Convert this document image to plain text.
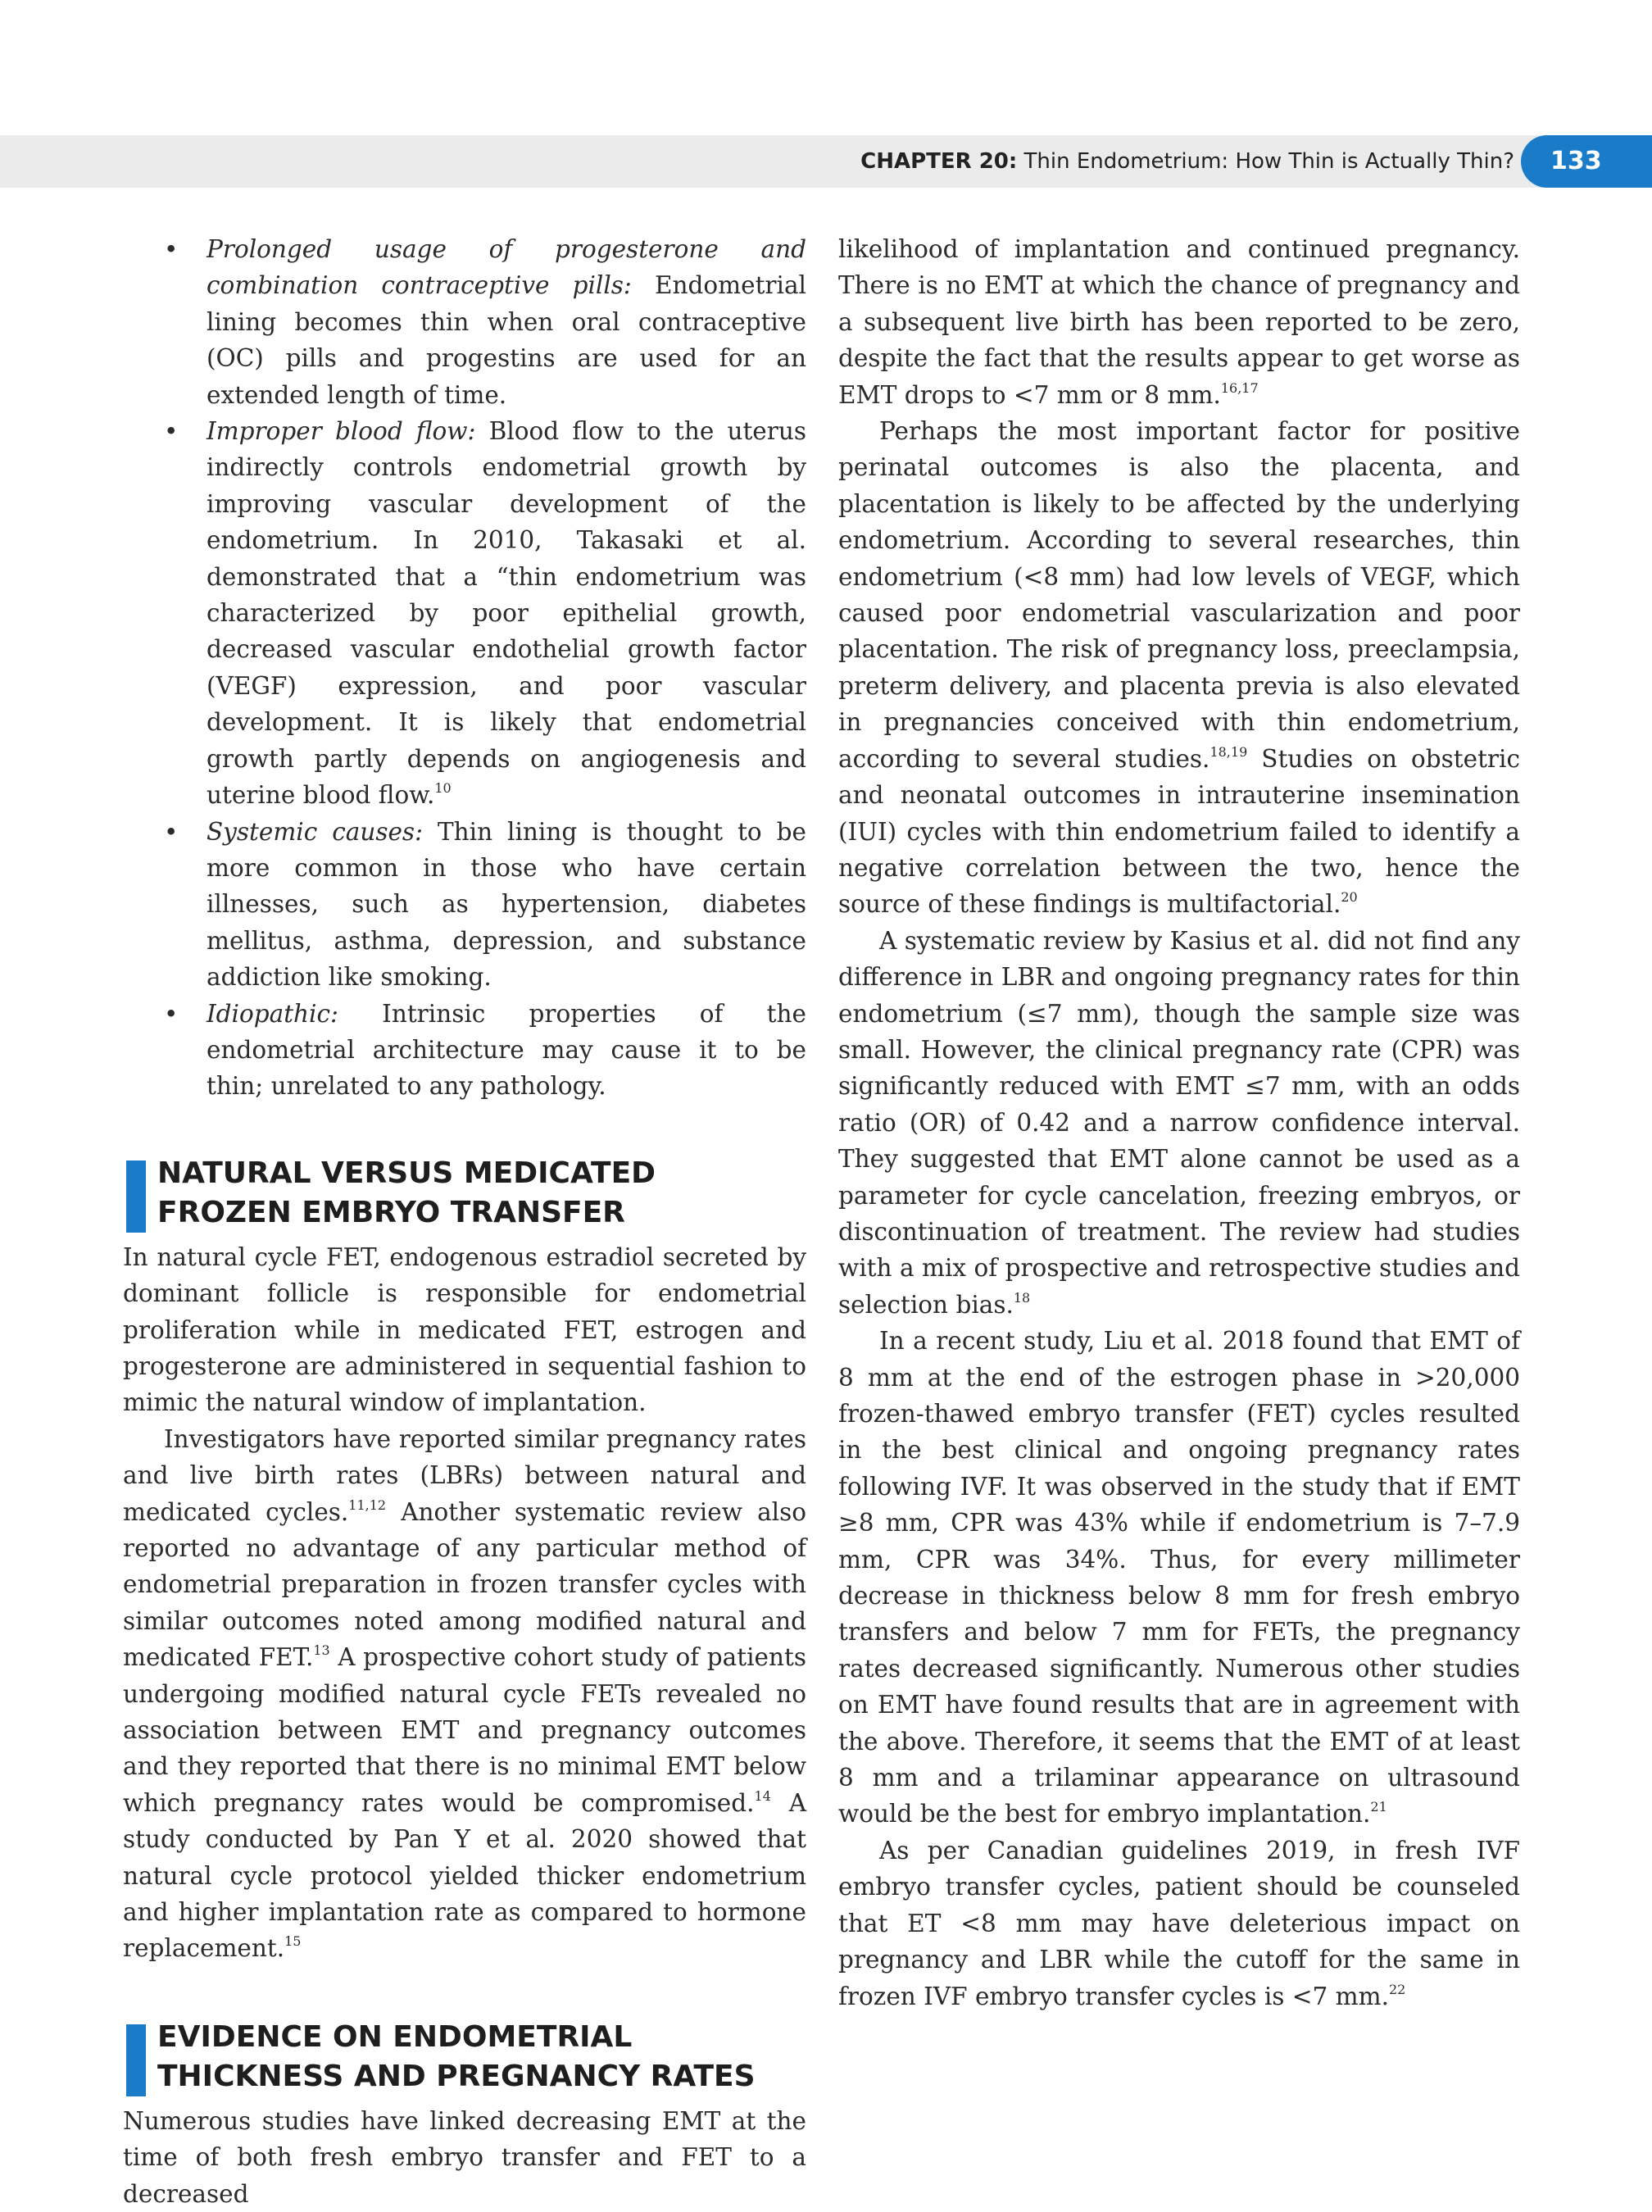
CHAPTER 20: Thin Endometrium: How Thin is Actually Thin?	133
• Prolonged usage of progesterone and combination contraceptive pills: Endometrial lining becomes thin when oral contraceptive (OC) pills and progestins are used for an extended length of time.
• Improper blood flow: Blood flow to the uterus indirectly controls endometrial growth by improving vascular development of the endometrium. In 2010, Takasaki et al. demonstrated that a “thin endometrium was characterized by poor epithelial growth, decreased vascular endothelial growth factor (VEGF) expression, and poor vascular development. It is likely that endometrial growth partly depends on angiogenesis and uterine blood flow.$^{10}$
• Systemic causes: Thin lining is thought to be more common in those who have certain illnesses, such as hypertension, diabetes mellitus, asthma, depression, and substance addiction like smoking.
• Idiopathic: Intrinsic properties of the endometrial architecture may cause it to be thin; unrelated to any pathology.
NATURAL VERSUS MEDICATED
FROZEN EMBRYO TRANSFER

In natural cycle FET, endogenous estradiol secreted by dominant follicle is responsible for endometrial proliferation while in medicated FET, estrogen and progesterone are administered in sequential fashion to mimic the natural window of implantation.

Investigators have reported similar pregnancy rates and live birth rates (LBRs) between natural and medicated cycles.$^{11,12}$ Another systematic review also reported no advantage of any particular method of endometrial preparation in frozen transfer cycles with similar outcomes noted among modified natural and medicated FET.$^{13}$ A prospective cohort study of patients undergoing modified natural cycle FETs revealed no association between EMT and pregnancy outcomes and they reported that there is no minimal EMT below which pregnancy rates would be compromised.$^{14}$ A study conducted by Pan Y et al. 2020 showed that natural cycle protocol yielded thicker endometrium and higher implantation rate as compared to hormone replacement.$^{15}$

EVIDENCE ON ENDOMETRIAL
THICKNESS AND PREGNANCY RATES

Numerous studies have linked decreasing EMT at the time of both fresh embryo transfer and FET to a decreased

likelihood of implantation and continued pregnancy. There is no EMT at which the chance of pregnancy and a subsequent live birth has been reported to be zero, despite the fact that the results appear to get worse as EMT drops to <7 mm or 8 mm.$^{16,17}$

Perhaps the most important factor for positive perinatal outcomes is also the placenta, and placentation is likely to be affected by the underlying endometrium. According to several researches, thin endometrium (<8 mm) had low levels of VEGF, which caused poor endometrial vascularization and poor placentation. The risk of pregnancy loss, preeclampsia, preterm delivery, and placenta previa is also elevated in pregnancies conceived with thin endometrium, according to several studies.$^{18,19}$ Studies on obstetric and neonatal outcomes in intrauterine insemination (IUI) cycles with thin endometrium failed to identify a negative correlation between the two, hence the source of these findings is multifactorial.$^{20}$

A systematic review by Kasius et al. did not find any difference in LBR and ongoing pregnancy rates for thin endometrium (≤7 mm), though the sample size was small. However, the clinical pregnancy rate (CPR) was significantly reduced with EMT ≤7 mm, with an odds ratio (OR) of 0.42 and a narrow confidence interval. They suggested that EMT alone cannot be used as a parameter for cycle cancelation, freezing embryos, or discontinuation of treatment. The review had studies with a mix of prospective and retrospective studies and selection bias.$^{18}$

In a recent study, Liu et al. 2018 found that EMT of 8 mm at the end of the estrogen phase in >20,000 frozen-thawed embryo transfer (FET) cycles resulted in the best clinical and ongoing pregnancy rates following IVF. It was observed in the study that if EMT ≥8 mm, CPR was 43% while if endometrium is 7–7.9 mm, CPR was 34%. Thus, for every millimeter decrease in thickness below 8 mm for fresh embryo transfers and below 7 mm for FETs, the pregnancy rates decreased significantly. Numerous other studies on EMT have found results that are in agreement with the above. Therefore, it seems that the EMT of at least 8 mm and a trilaminar appearance on ultrasound would be the best for embryo implantation.$^{21}$

As per Canadian guidelines 2019, in fresh IVF embryo transfer cycles, patient should be counseled that ET <8 mm may have deleterious impact on pregnancy and LBR while the cutoff for the same in frozen IVF embryo transfer cycles is <7 mm.$^{22}$
